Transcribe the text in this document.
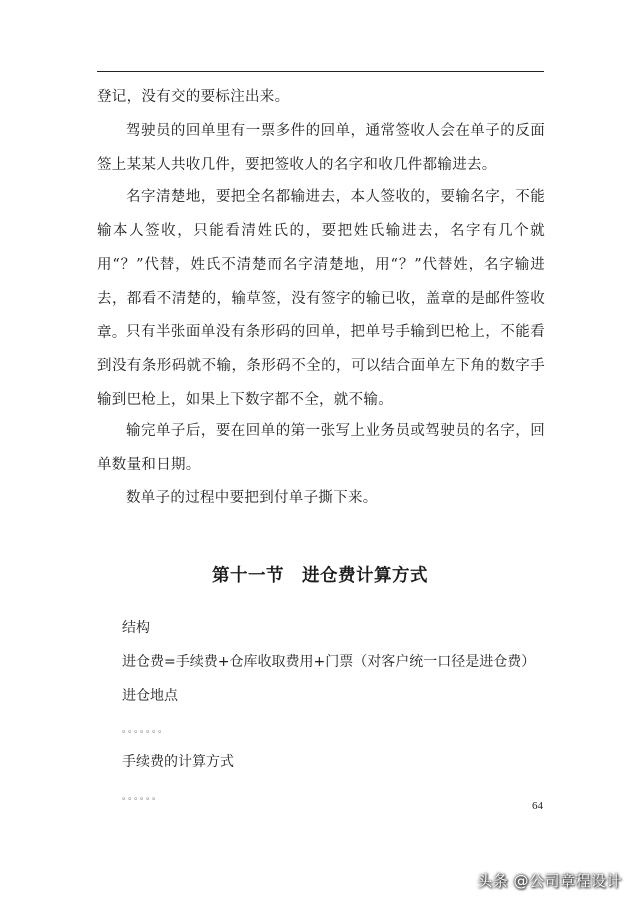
登记，没有交的要标注出来。

驾驶员的回单里有一票多件的回单，通常签收人会在单子的反面签上某某人共收几件，要把签收人的名字和收几件都输进去。

名字清楚地，要把全名都输进去，本人签收的，要输名字，不能输本人签收，只能看清姓氏的，要把姓氏输进去，名字有几个就用“？”代替，姓氏不清楚而名字清楚地，用“？”代替姓，名字输进去，都看不清楚的，输草签，没有签字的输已收，盖章的是邮件签收章。 只有半张面单没有条形码的回单，把单号手输到巴枪上，不能看到没有条形码就不输，条形码不全的，可以结合面单左下角的数字手输到巴枪上，如果上下数字都不全，就不输。

输完单子后，要在回单的第一张写上业务员或驾驶员的名字，回单数量和日期。

数单子的过程中要把到付单子撕下来。

第十一节　进仓费计算方式

结构

进仓费=手续费+仓库收取费用+门票（对客户统一口径是进仓费）

进仓地点

。。。。。。。

手续费的计算方式

。。。。。。

64
头条 @公司章程设计
